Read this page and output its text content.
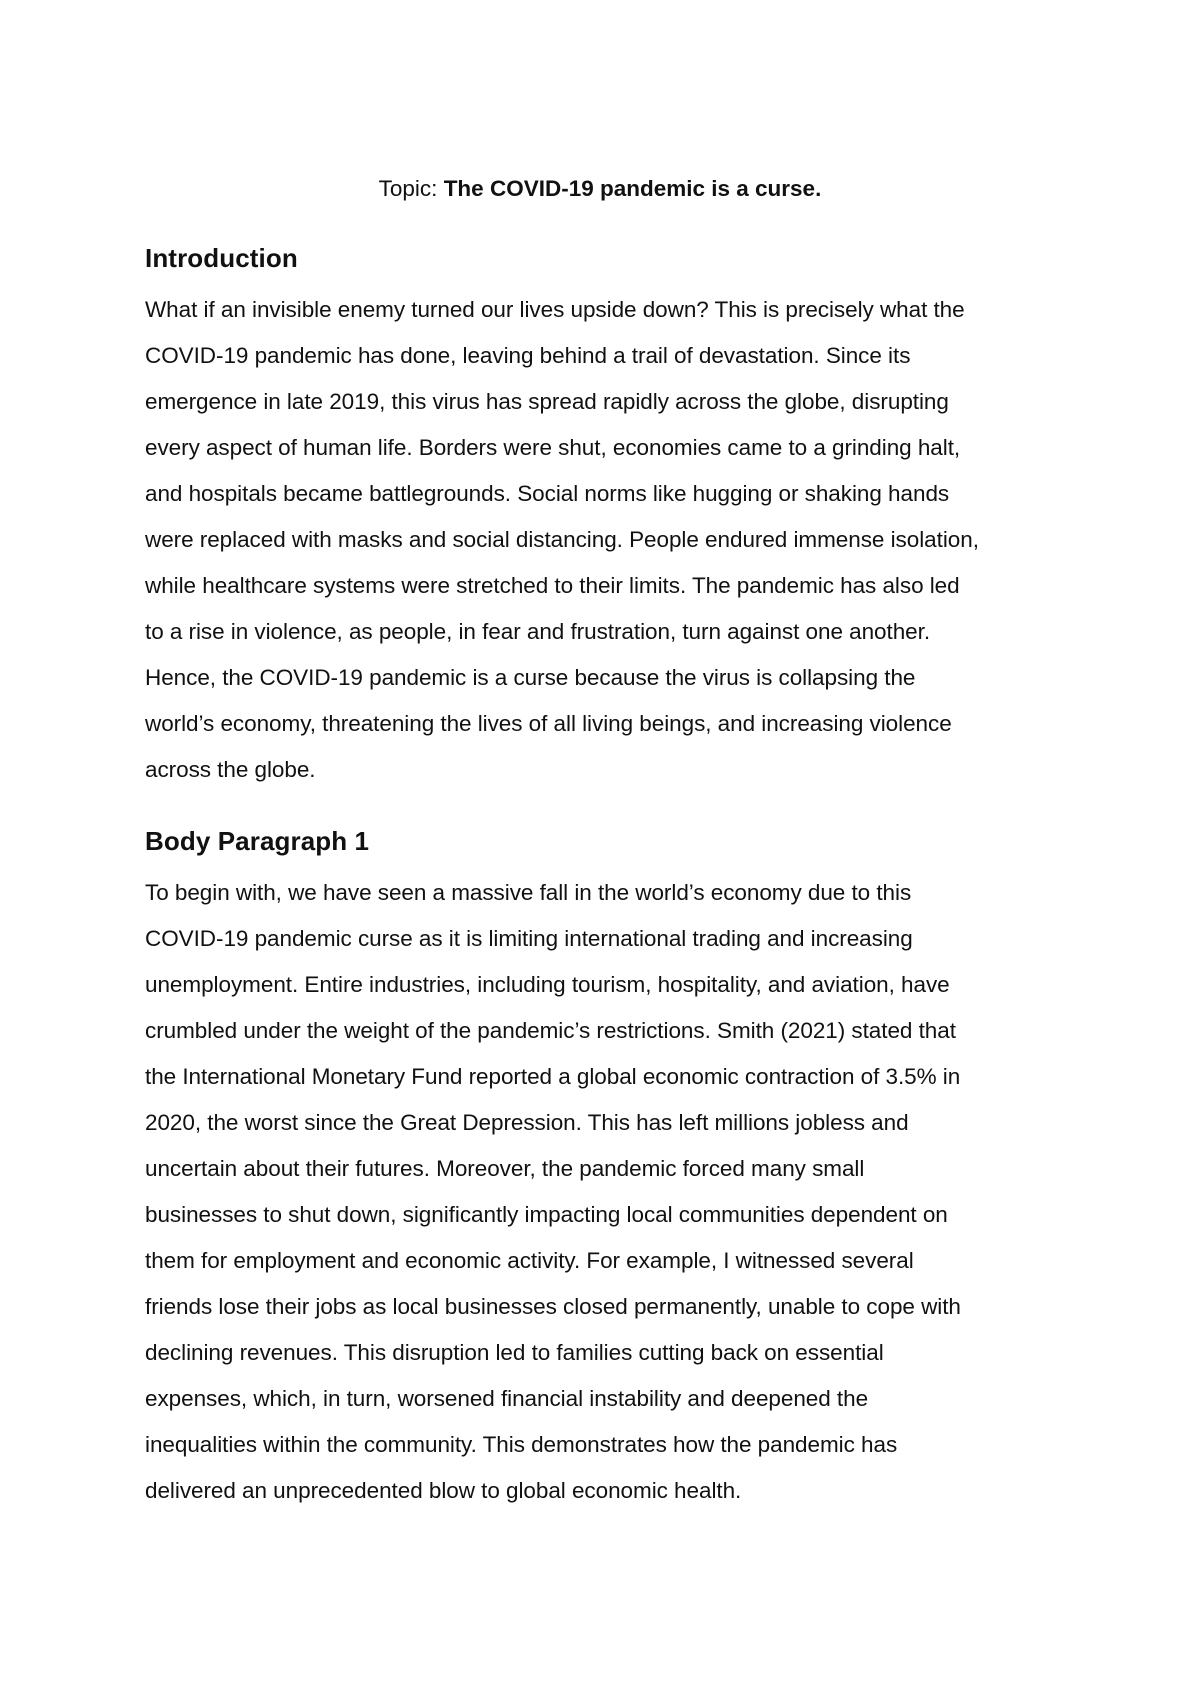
Topic: The COVID-19 pandemic is a curse.
Introduction

What if an invisible enemy turned our lives upside down? This is precisely what the
COVID-19 pandemic has done, leaving behind a trail of devastation. Since its
emergence in late 2019, this virus has spread rapidly across the globe, disrupting
every aspect of human life. Borders were shut, economies came to a grinding halt,
and hospitals became battlegrounds. Social norms like hugging or shaking hands
were replaced with masks and social distancing. People endured immense isolation,
while healthcare systems were stretched to their limits. The pandemic has also led
to a rise in violence, as people, in fear and frustration, turn against one another.
Hence, the COVID-19 pandemic is a curse because the virus is collapsing the
world’s economy, threatening the lives of all living beings, and increasing violence
across the globe.

Body Paragraph 1

To begin with, we have seen a massive fall in the world’s economy due to this
COVID-19 pandemic curse as it is limiting international trading and increasing
unemployment. Entire industries, including tourism, hospitality, and aviation, have
crumbled under the weight of the pandemic’s restrictions. Smith (2021) stated that
the International Monetary Fund reported a global economic contraction of 3.5% in
2020, the worst since the Great Depression. This has left millions jobless and
uncertain about their futures. Moreover, the pandemic forced many small
businesses to shut down, significantly impacting local communities dependent on
them for employment and economic activity. For example, I witnessed several
friends lose their jobs as local businesses closed permanently, unable to cope with
declining revenues. This disruption led to families cutting back on essential
expenses, which, in turn, worsened financial instability and deepened the
inequalities within the community. This demonstrates how the pandemic has
delivered an unprecedented blow to global economic health.
